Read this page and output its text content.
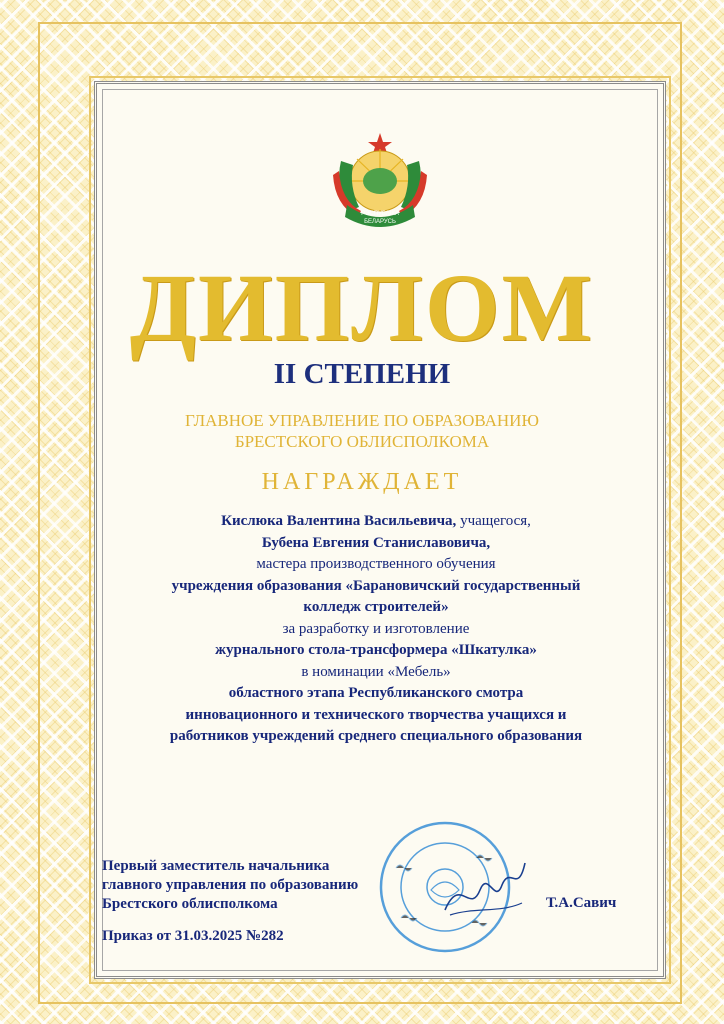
РЭСПУБЛІКА
БЕЛАРУСЬ
ДИПЛОМ
II СТЕПЕНИ
ГЛАВНОЕ УПРАВЛЕНИЕ ПО ОБРАЗОВАНИЮ
БРЕСТСКОГО ОБЛИСПОЛКОМА
НАГРАЖДАЕТ
Кислюка Валентина Васильевича, учащегося,
Бубена Евгения Станиславовича,
мастера производственного обучения
учреждения образования «Барановичский государственный
колледж строителей»
за разработку и изготовление
журнального стола-трансформера «Шкатулка»
в номинации «Мебель»
областного этапа Республиканского смотра
инновационного и технического творчества учащихся и
работников учреждений среднего специального образования
Первый заместитель начальника
главного управления по образованию
Брестского облисполкома	Т.А.Савич
Приказ от 31.03.2025 №282
